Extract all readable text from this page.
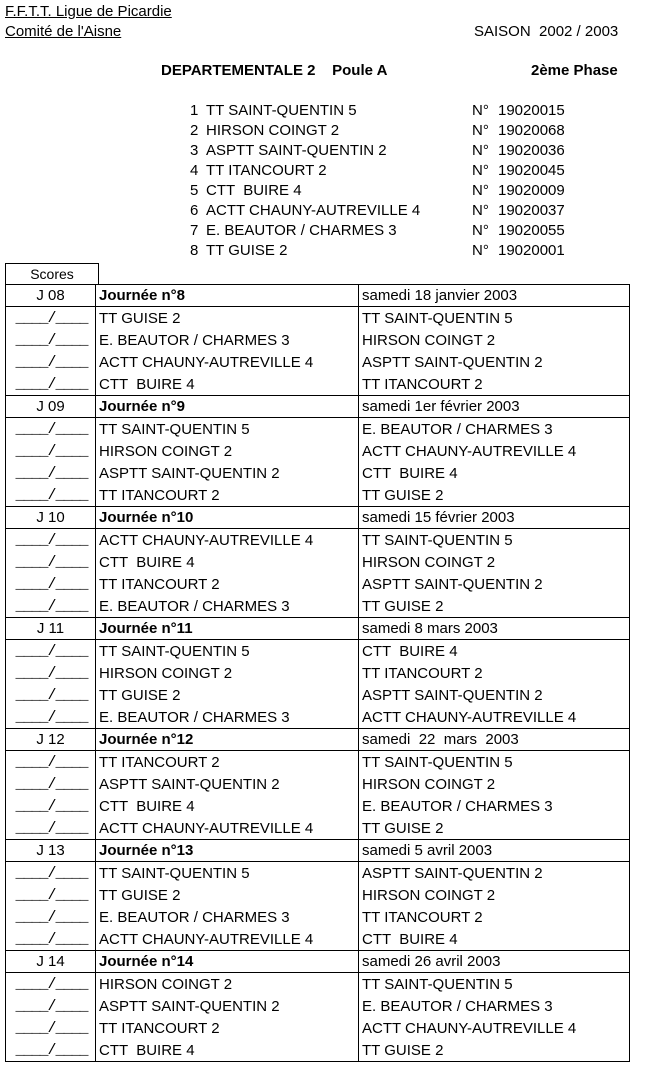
F.F.T.T. Ligue de Picardie
Comité de l'Aisne	SAISON  2002 / 2003
DEPARTEMENTALE 2    Poule A	2ème Phase
1 TT SAINT-QUENTIN 5	N° 19020015
2 HIRSON COINGT 2	N° 19020068
3 ASPTT SAINT-QUENTIN 2	N° 19020036
4 TT ITANCOURT 2	N° 19020045
5 CTT  BUIRE 4	N° 19020009
6 ACTT CHAUNY-AUTREVILLE 4	N° 19020037
7 E. BEAUTOR / CHARMES 3	N° 19020055
8 TT GUISE 2	N° 19020001
Scores
J 08	Journée n°8	samedi 18 janvier 2003
____/____	TT GUISE 2	TT SAINT-QUENTIN 5
____/____	E. BEAUTOR / CHARMES 3	HIRSON COINGT 2
____/____	ACTT CHAUNY-AUTREVILLE 4	ASPTT SAINT-QUENTIN 2
____/____	CTT  BUIRE 4	TT ITANCOURT 2
J 09	Journée n°9	samedi 1er février 2003
____/____	TT SAINT-QUENTIN 5	E. BEAUTOR / CHARMES 3
____/____	HIRSON COINGT 2	ACTT CHAUNY-AUTREVILLE 4
____/____	ASPTT SAINT-QUENTIN 2	CTT  BUIRE 4
____/____	TT ITANCOURT 2	TT GUISE 2
J 10	Journée n°10	samedi 15 février 2003
____/____	ACTT CHAUNY-AUTREVILLE 4	TT SAINT-QUENTIN 5
____/____	CTT  BUIRE 4	HIRSON COINGT 2
____/____	TT ITANCOURT 2	ASPTT SAINT-QUENTIN 2
____/____	E. BEAUTOR / CHARMES 3	TT GUISE 2
J 11	Journée n°11	samedi 8 mars 2003
____/____	TT SAINT-QUENTIN 5	CTT  BUIRE 4
____/____	HIRSON COINGT 2	TT ITANCOURT 2
____/____	TT GUISE 2	ASPTT SAINT-QUENTIN 2
____/____	E. BEAUTOR / CHARMES 3	ACTT CHAUNY-AUTREVILLE 4
J 12	Journée n°12	samedi  22  mars  2003
____/____	TT ITANCOURT 2	TT SAINT-QUENTIN 5
____/____	ASPTT SAINT-QUENTIN 2	HIRSON COINGT 2
____/____	CTT  BUIRE 4	E. BEAUTOR / CHARMES 3
____/____	ACTT CHAUNY-AUTREVILLE 4	TT GUISE 2
J 13	Journée n°13	samedi 5 avril 2003
____/____	TT SAINT-QUENTIN 5	ASPTT SAINT-QUENTIN 2
____/____	TT GUISE 2	HIRSON COINGT 2
____/____	E. BEAUTOR / CHARMES 3	TT ITANCOURT 2
____/____	ACTT CHAUNY-AUTREVILLE 4	CTT  BUIRE 4
J 14	Journée n°14	samedi 26 avril 2003
____/____	HIRSON COINGT 2	TT SAINT-QUENTIN 5
____/____	ASPTT SAINT-QUENTIN 2	E. BEAUTOR / CHARMES 3
____/____	TT ITANCOURT 2	ACTT CHAUNY-AUTREVILLE 4
____/____	CTT  BUIRE 4	TT GUISE 2
